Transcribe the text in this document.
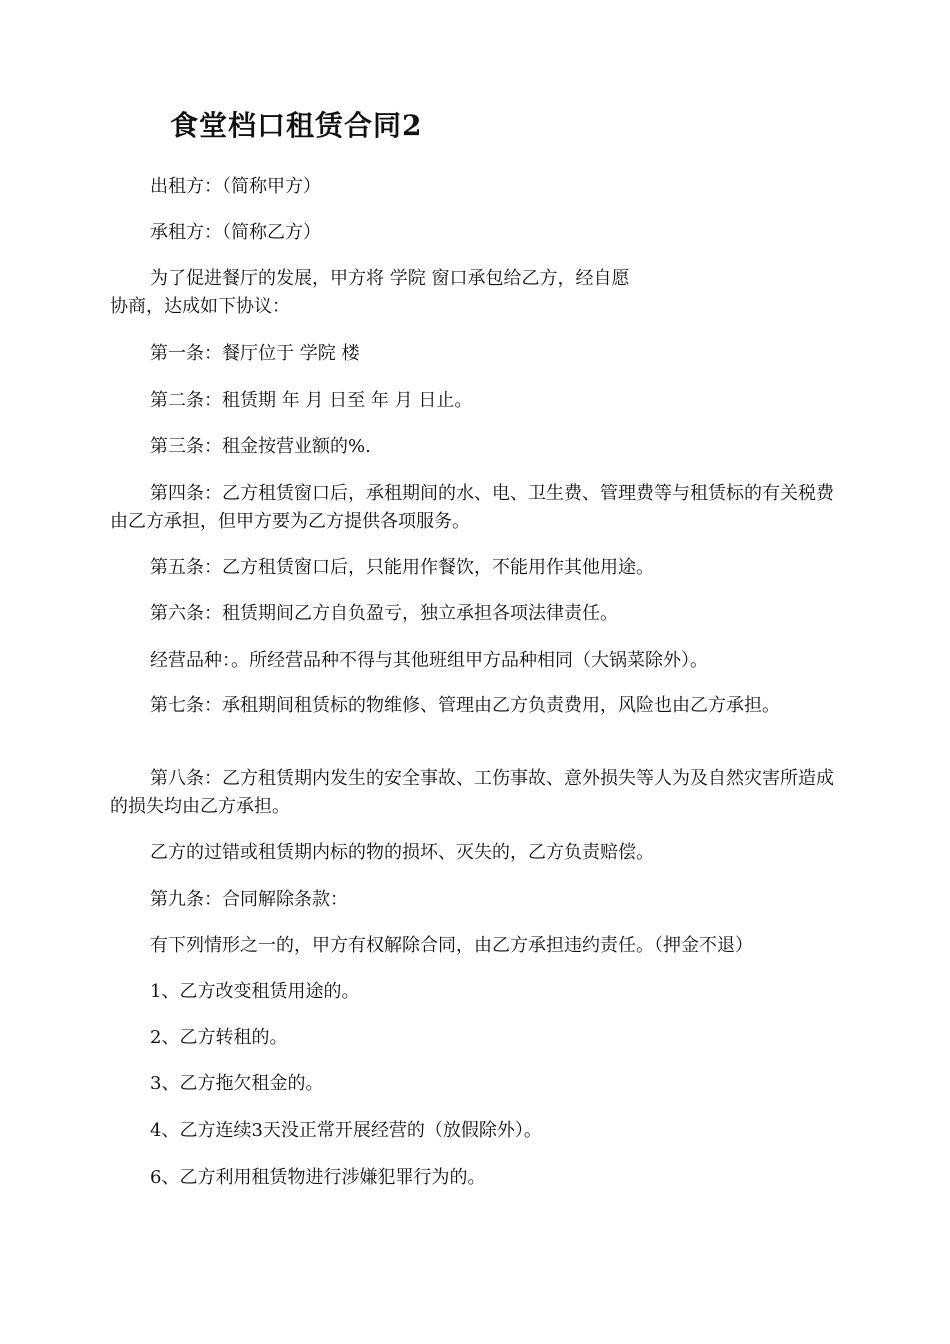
食堂档口租赁合同2

出租方：（简称甲方）

承租方：（简称乙方）

为了促进餐厅的发展，甲方将 学院 窗口承包给乙方，经自愿

协商，达成如下协议：

第一条：餐厅位于 学院 楼

第二条：租赁期 年 月 日至 年 月 日止。

第三条：租金按营业额的%.

第四条：乙方租赁窗口后，承租期间的水、电、卫生费、管理费等与租赁标的有关税费由乙方承担，但甲方要为乙方提供各项服务。

第五条：乙方租赁窗口后，只能用作餐饮，不能用作其他用途。

第六条：租赁期间乙方自负盈亏，独立承担各项法律责任。

经营品种：。所经营品种不得与其他班组甲方品种相同（大锅菜除外）。

第七条：承租期间租赁标的物维修、管理由乙方负责费用，风险也由乙方承担。

第八条：乙方租赁期内发生的安全事故、工伤事故、意外损失等人为及自然灾害所造成的损失均由乙方承担。

乙方的过错或租赁期内标的物的损坏、灭失的，乙方负责赔偿。

第九条：合同解除条款：

有下列情形之一的，甲方有权解除合同，由乙方承担违约责任。（押金不退）

1、乙方改变租赁用途的。

2、乙方转租的。

3、乙方拖欠租金的。

4、乙方连续3天没正常开展经营的（放假除外）。

6、乙方利用租赁物进行涉嫌犯罪行为的。
